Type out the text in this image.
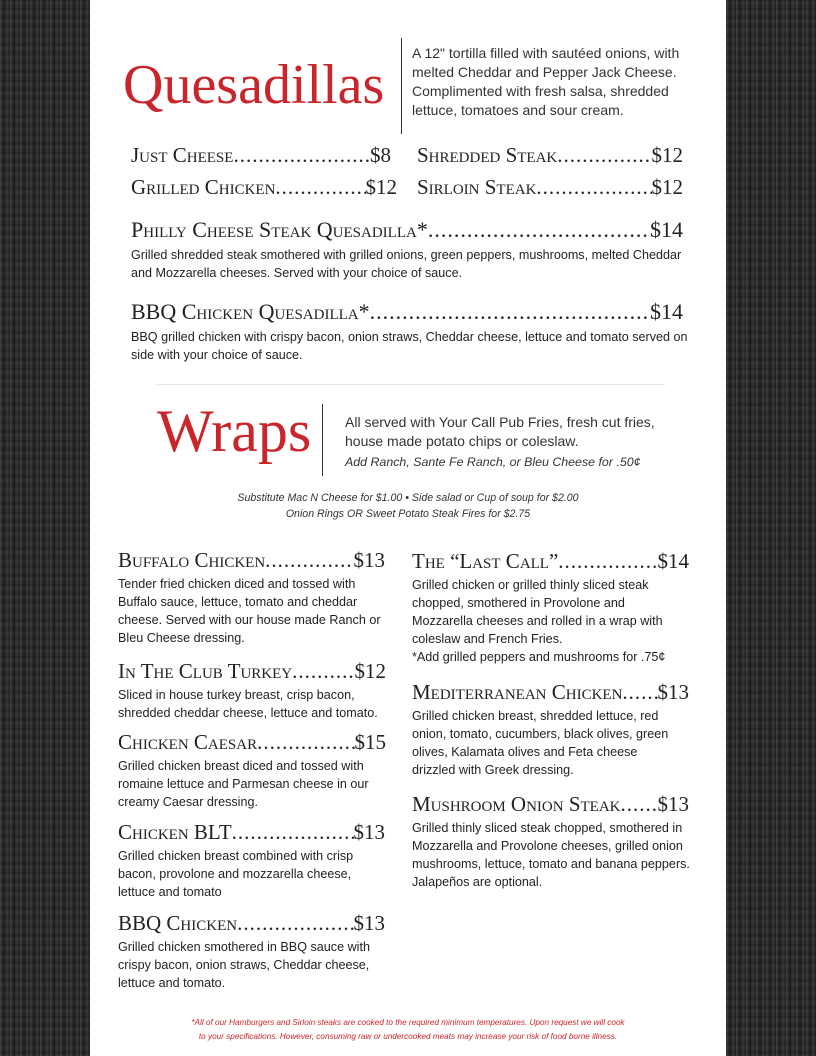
Quesadillas
A 12" tortilla filled with sautéed onions, with melted Cheddar and Pepper Jack Cheese. Complimented with fresh salsa, shredded lettuce, tomatoes and sour cream.
Just Cheese .....	$8 Shredded Steak .....	$12
Grilled Chicken .....	$12 Sirloin Steak .....	$12
Philly Cheese Steak Quesadilla* .....	$14
Grilled shredded steak smothered with grilled onions, green peppers, mushrooms, melted Cheddar and Mozzarella cheeses. Served with your choice of sauce.
BBQ Chicken Quesadilla* .....	$14
BBQ grilled chicken with crispy bacon, onion straws, Cheddar cheese, lettuce and tomato served on side with your choice of sauce.
Wraps All served with Your Call Pub Fries, fresh cut fries, house made potato chips or coleslaw.
Add Ranch, Sante Fe Ranch, or Bleu Cheese for .50¢
Substitute Mac N Cheese for $1.00 • Side salad or Cup of soup for $2.00
Onion Rings OR Sweet Potato Steak Fires for $2.75
Buffalo Chicken .....	$13
Tender fried chicken diced and tossed with Buffalo sauce, lettuce, tomato and cheddar cheese. Served with our house made Ranch or Bleu Cheese dressing.
In The Club Turkey .....	$12
Sliced in house turkey breast, crisp bacon, shredded cheddar cheese, lettuce and tomato.
Chicken Caesar .....	$15
Grilled chicken breast diced and tossed with romaine lettuce and Parmesan cheese in our creamy Caesar dressing.
Chicken BLT .....	$13
Grilled chicken breast combined with crisp bacon, provolone and mozzarella cheese, lettuce and tomato
BBQ Chicken .....	$13
Grilled chicken smothered in BBQ sauce with crispy bacon, onion straws, Cheddar cheese, lettuce and tomato.
The “Last Call” .....	$14
Grilled chicken or grilled thinly sliced steak chopped, smothered in Provolone and Mozzarella cheeses and rolled in a wrap with coleslaw and French Fries.
*Add grilled peppers and mushrooms for .75¢
Mediterranean Chicken ..... $13
Grilled chicken breast, shredded lettuce, red onion, tomato, cucumbers, black olives, green olives, Kalamata olives and Feta cheese drizzled with Greek dressing.
Mushroom Onion Steak ..... $13
Grilled thinly sliced steak chopped, smothered in Mozzarella and Provolone cheeses, grilled onion mushrooms, lettuce, tomato and banana peppers. Jalapeños are optional.
*All of our Hamburgers and Sirloin steaks are cooked to the required minimum temperatures. Upon request we will cook
to your specifications. However, consuming raw or undercooked meats may increase your risk of food borne illness.
